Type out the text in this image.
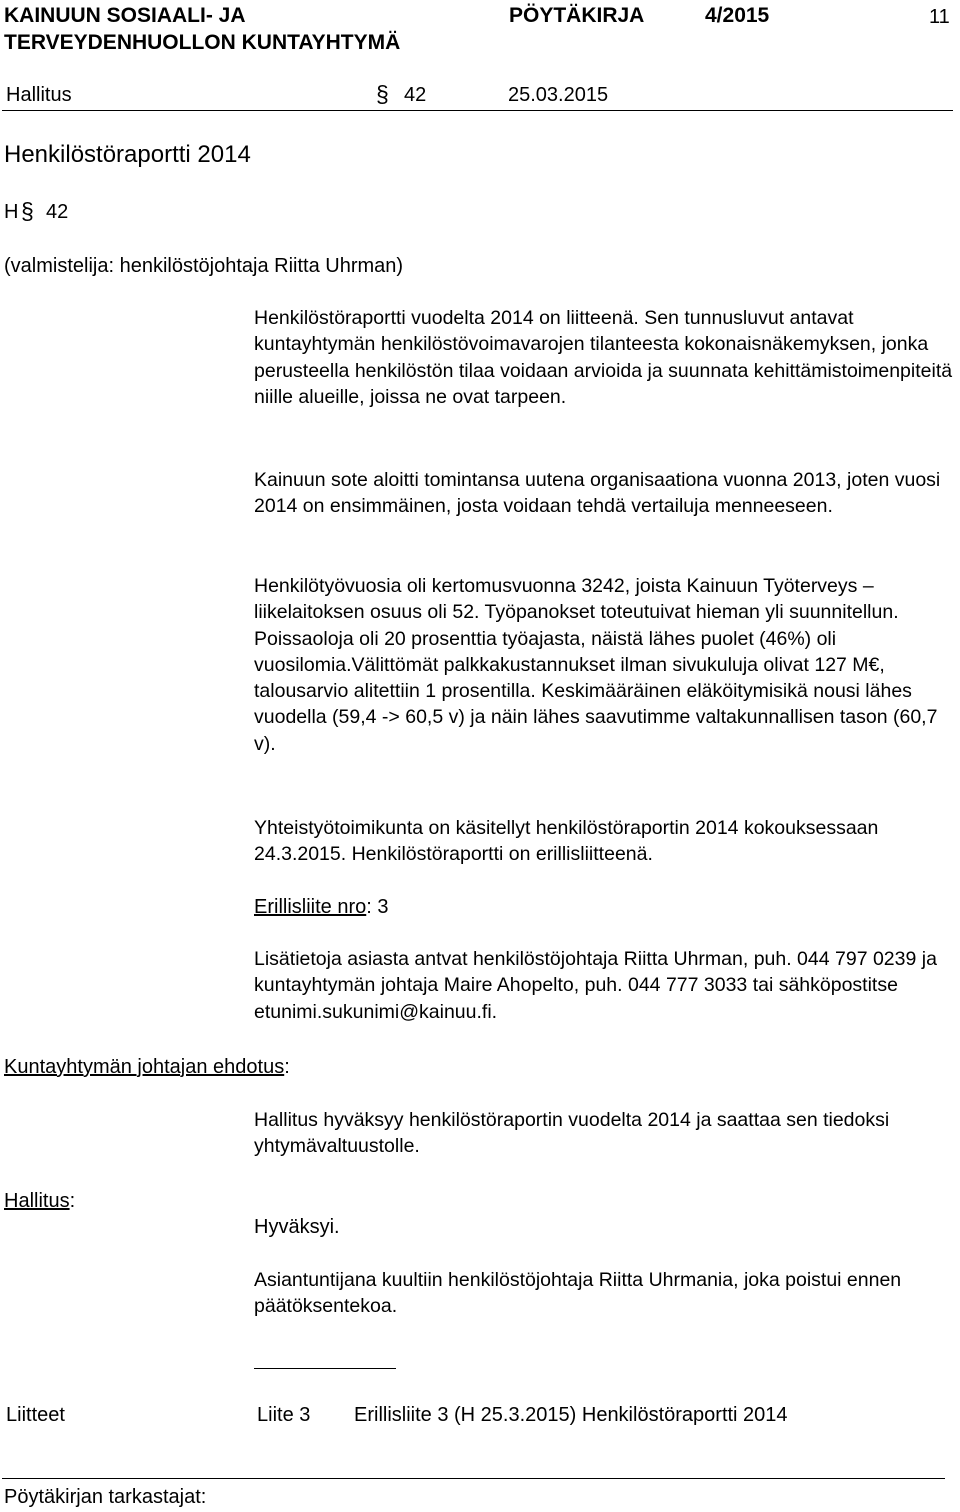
KAINUUN SOSIAALI- JA
TERVEYDENHUOLLON KUNTAYHTYMÄ
PÖYTÄKIRJA	4/2015	11
Hallitus	§ 42	25.03.2015
Henkilöstöraportti 2014
H § 42
(valmistelija: henkilöstöjohtaja Riitta Uhrman)

Henkilöstöraportti vuodelta 2014 on liitteenä. Sen tunnusluvut antavat kuntayhtymän henkilöstövoimavarojen tilanteesta kokonaisnäkemyksen, jonka perusteella henkilöstön tilaa voidaan arvioida ja suunnata kehittämistoimenpiteitä niille alueille, joissa ne ovat tarpeen.

Kainuun sote aloitti tomintansa uutena organisaationa vuonna 2013, joten vuosi 2014 on ensimmäinen, josta voidaan tehdä vertailuja menneeseen.

Henkilötyövuosia oli kertomusvuonna 3242, joista Kainuun Työterveys –liikelaitoksen osuus oli 52. Työpanokset toteutuivat hieman yli suunnitellun. Poissaoloja oli 20 prosenttia työajasta, näistä lähes puolet (46%) oli vuosilomia.Välittömät palkkakustannukset ilman sivukuluja olivat 127 M€, talousarvio alitettiin 1 prosentilla. Keskimääräinen eläköitymisikä nousi lähes vuodella (59,4 -> 60,5 v) ja näin lähes saavutimme valtakunnallisen tason (60,7 v).

Yhteistyötoimikunta on käsitellyt henkilöstöraportin 2014 kokouksessaan 24.3.2015. Henkilöstöraportti on erillisliitteenä.

Erillisliite nro: 3

Lisätietoja asiasta antvat henkilöstöjohtaja Riitta Uhrman, puh. 044 797 0239 ja kuntayhtymän johtaja Maire Ahopelto, puh. 044 777 3033 tai sähköpostitse etunimi.sukunimi@kainuu.fi.

Kuntayhtymän johtajan ehdotus:

Hallitus hyväksyy henkilöstöraportin vuodelta 2014 ja saattaa sen tiedoksi yhtymävaltuustolle.

Hallitus:
Hyväksyi.

Asiantuntijana kuultiin henkilöstöjohtaja Riitta Uhrmania, joka poistui ennen päätöksentekoa.

Liitteet	Liite 3 Erillisliite 3 (H 25.3.2015) Henkilöstöraportti 2014
Pöytäkirjan tarkastajat:
